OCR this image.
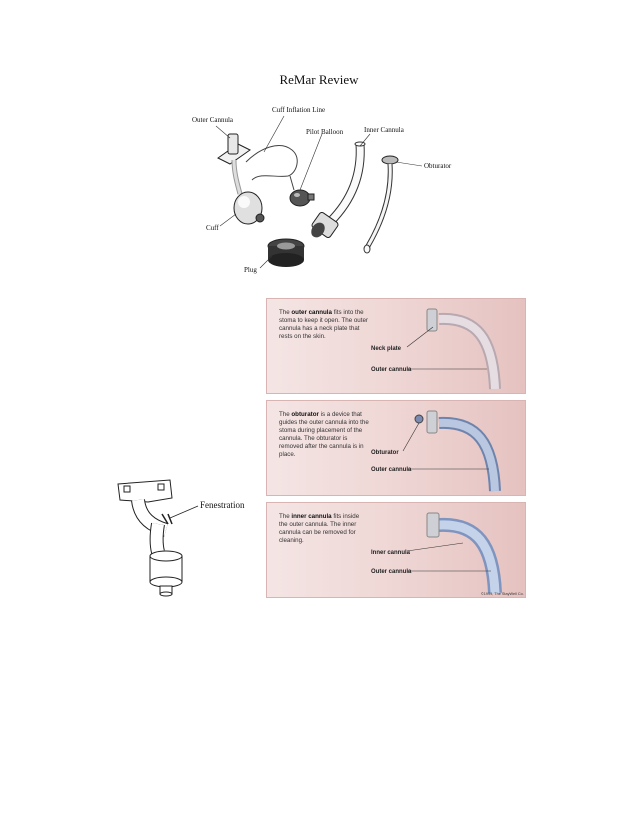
ReMar Review
Outer Cannula
Cuff Inflation Line
Pilot Balloon	Inner Cannula
Obturator
Cuff
Plug
Fenestration
Neck plate
Outer cannula
The outer cannula fits into the stoma to keep it open. The outer cannula has a neck plate that rests on the skin.
Obturator
Outer cannula
The obturator is a device that guides the outer cannula into the stoma during placement of the cannula. The obturator is removed after the cannula is in place.
Inner cannula
Outer cannula
©1999, The StayWell Co.
The inner cannula fits inside the outer cannula. The inner cannula can be removed for cleaning.
